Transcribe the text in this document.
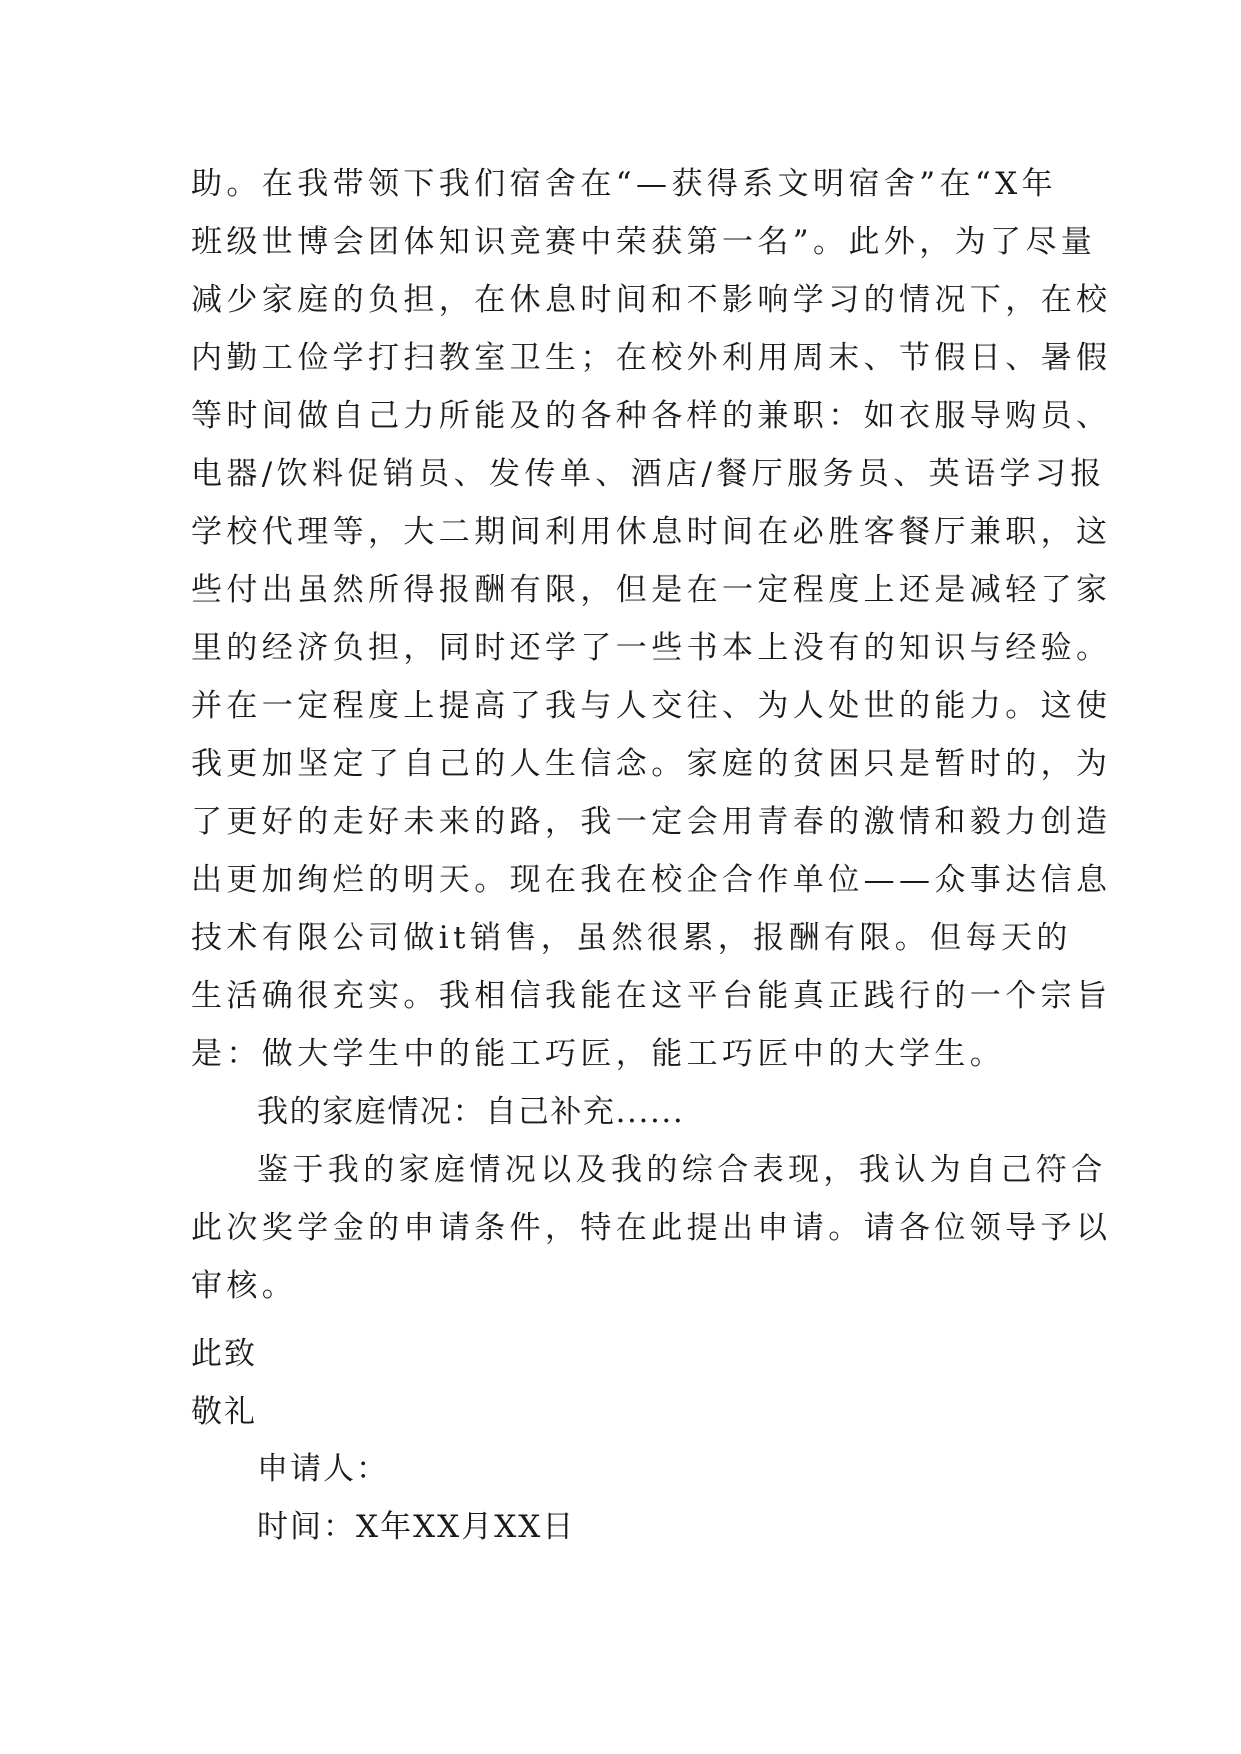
助。在我带领下我们宿舍在“—获得系文明宿舍”在“X年
班级世博会团体知识竞赛中荣获第一名”。此外，为了尽量
减少家庭的负担，在休息时间和不影响学习的情况下，在校
内勤工俭学打扫教室卫生；在校外利用周末、节假日、暑假
等时间做自己力所能及的各种各样的兼职：如衣服导购员、
电器/饮料促销员、发传单、酒店/餐厅服务员、英语学习报
学校代理等，大二期间利用休息时间在必胜客餐厅兼职，这
些付出虽然所得报酬有限，但是在一定程度上还是减轻了家
里的经济负担，同时还学了一些书本上没有的知识与经验。
并在一定程度上提高了我与人交往、为人处世的能力。这使
我更加坚定了自己的人生信念。家庭的贫困只是暂时的，为
了更好的走好未来的路，我一定会用青春的激情和毅力创造
出更加绚烂的明天。现在我在校企合作单位——众事达信息
技术有限公司做it销售，虽然很累，报酬有限。但每天的
生活确很充实。我相信我能在这平台能真正践行的一个宗旨
是：做大学生中的能工巧匠，能工巧匠中的大学生。
我的家庭情况：自己补充......
鉴于我的家庭情况以及我的综合表现，我认为自己符合
此次奖学金的申请条件，特在此提出申请。请各位领导予以
审核。
此致
敬礼
申请人：
时间：X年XX月XX日
